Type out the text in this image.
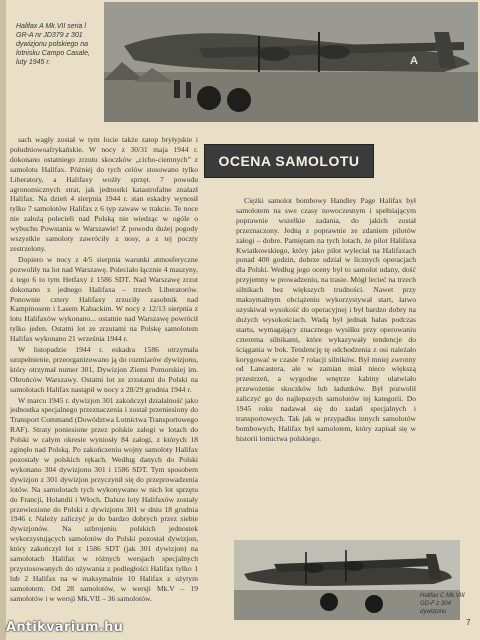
Halifax A Mk.VII seria l GR-A nr JD379 z 301 dywizjonu polskiego na lotnisku Campo Casale, luty 1945 r.	A

sach wagły został w tym locie także zatop bryłyjskie i południowoafrykańskie. W nocy z 30/31 maja 1944 r. dokonano ostatniego zrzutu skoczków „cicho-ciemnych” z samolotu Halifax. Później do tych celów stosowano tylko Liberatory, a Halifaxy wożły sprzęt. 7 powodu agronomicznych strat, jak jednostki katastrofalne znalazł Halifax. Na dzień 4 sierpnia 1944 r. stan eskadry wynosił tylko 7 samolotów Halifax z 6 typ zawaw w trakcie. Te noce nie założą polecieli nad Polską nie wiedząc w ogóle o wybuchu Powstania w Warszawie! Z powodu dużej pogody wszystkie samoloty zawróciły z nosy, a z tej poczty zestrzelony.

Dopiero w nocy z 4/5 sierpnia warunki atmosferyczne pozwoliły na lot nad Warszawę. Poleciało łącznie 4 maszyny, z tego 6 to tym Hetfaxy ż 1586 SDT. Nad Warszawę zrzut dokonano z jednego Halifaxa – trzech Liberatorów. Ponownie cztery Halifaxy zrzuciły zasobnik nad Kampinosem i Lasem Kabackim. W nocy z 12/13 sierpnia z lotu Halifaxów wykonano... ostatnie nad Warszawę powrócił tylko jeden. Ostatni lot ze zrzutami na Polskę samolotem Halifax wykonano 21 września 1944 r.

W listopadzie 1944 r. eskadra 1586 otrzymała uzupełnienie, przeorganizowano ją do rozmiarów dywizjonu, który otrzymał numer 301, Dywizjon Ziemi Pomorskiej im. Obrońców Warszawy. Ostatni lot ze zrzutami do Polski na samolotach Halifax nastąpił w nocy z 28/29 grudnia 1944 r.

W marcu 1945 r. dywizjon 301 zakończył działalność jako jednostka specjalnego przeznaczenia i został przeniesiony do Transport Command (Dowództwa Lotnictwa Transportowego RAF). Straty poniesione przez polskie załogi w lotach do Polski w całym okresie wyniosły 84 załogi, z których 18 zginęło nad Polską. Po zakończeniu wojny samoloty Halifax pozostały w polskich rękach. Według danych do Polski wykonano 304 dywizjonu 301 i 1586 SDT. Tym sposobem dywizjon z 301 dywizjon przyczynił się do przeprowadzenia lotów. Na samolotach tych wykonywano w nich lot sprzętu do Francji, Holandii i Włoch. Dalsze loty Halifaxów zostały przewiezione do Polski z dywizjonu 301 w dniu 18 grudnia 1946 r. Należy zaliczyć je do bardzo dobrych przez siebie dywizjonów. Na uzbrojeniu polskich jednostek wykorzystujących samolotów do Polski pozostał dywizjon, który zakończył lot z 1586 SDT (jak 301 dywizjon) na samolotach Halifax w różnych wersjach specjalnych przystosowanych do używania z podległości Halifax tylko 1 lub 2 Halifax na w maksymalnie 10 Halifax z użytym samolotem. Od 28 samolotów, w wersji Mk.V – 19 samolotów i w wersji Mk.VII – 36 samolotów.

OCENA SAMOLOTU

Ciężki samolot bombowy Handley Page Halifax był samolotem na swe czasy nowoczesnym i spełniającym poprawnie wszelkie zadania, do jakich został przeznaczony. Jedną z poprawnie ze zdaniem pilotów załogi – dobre. Pamiętam na tych lotach, że pilot Halifaxa Kwiatkowskiego, który jako pilot wyleciał na Halifaxach ponad 400 godzin, dobrze udział w licznych operacjach dla Polski. Według jego oceny był to samolot udany, dość przyjemny w prowadzeniu, na trasie. Mógł lecieć na trzech silnikach bez większych trudności. Nawet przy maksymalnym obciążeniu wykorzystywał start, łatwo uzyskiwał wysokość do operacyjnej i był bardzo dobry na dużych wysokościach. Wadą był jednak hałas podczas startu, wymagający znacznego wysiłku przy operowaniu czterema silnikami, które wykazywały tendencje do ściągania w bok. Tendencję tę odchodzenia z osi należało korygować w czasie 7 rolacji silników. Był mniej zwrotny od Lancastera, ale w zamian miał nieco większą przestrzeń, a wygodne wnętrze kabiny ułatwiało przewożenie skoczków lub ładunków. Był pozwolił zaliczyć go do najlepszych samolotów tej kategorii. Do 1945 roku nadawał się do zadań specjalnych i transportowych. Tak jak w przypadku innych samolotów bombowych, Halifax był samolotem, który zapisał się w historii lotnictwa polskiego.

Halifax C Mk.VIII GD-F z 304 dywizjonu
7
Antikvarium.hu
